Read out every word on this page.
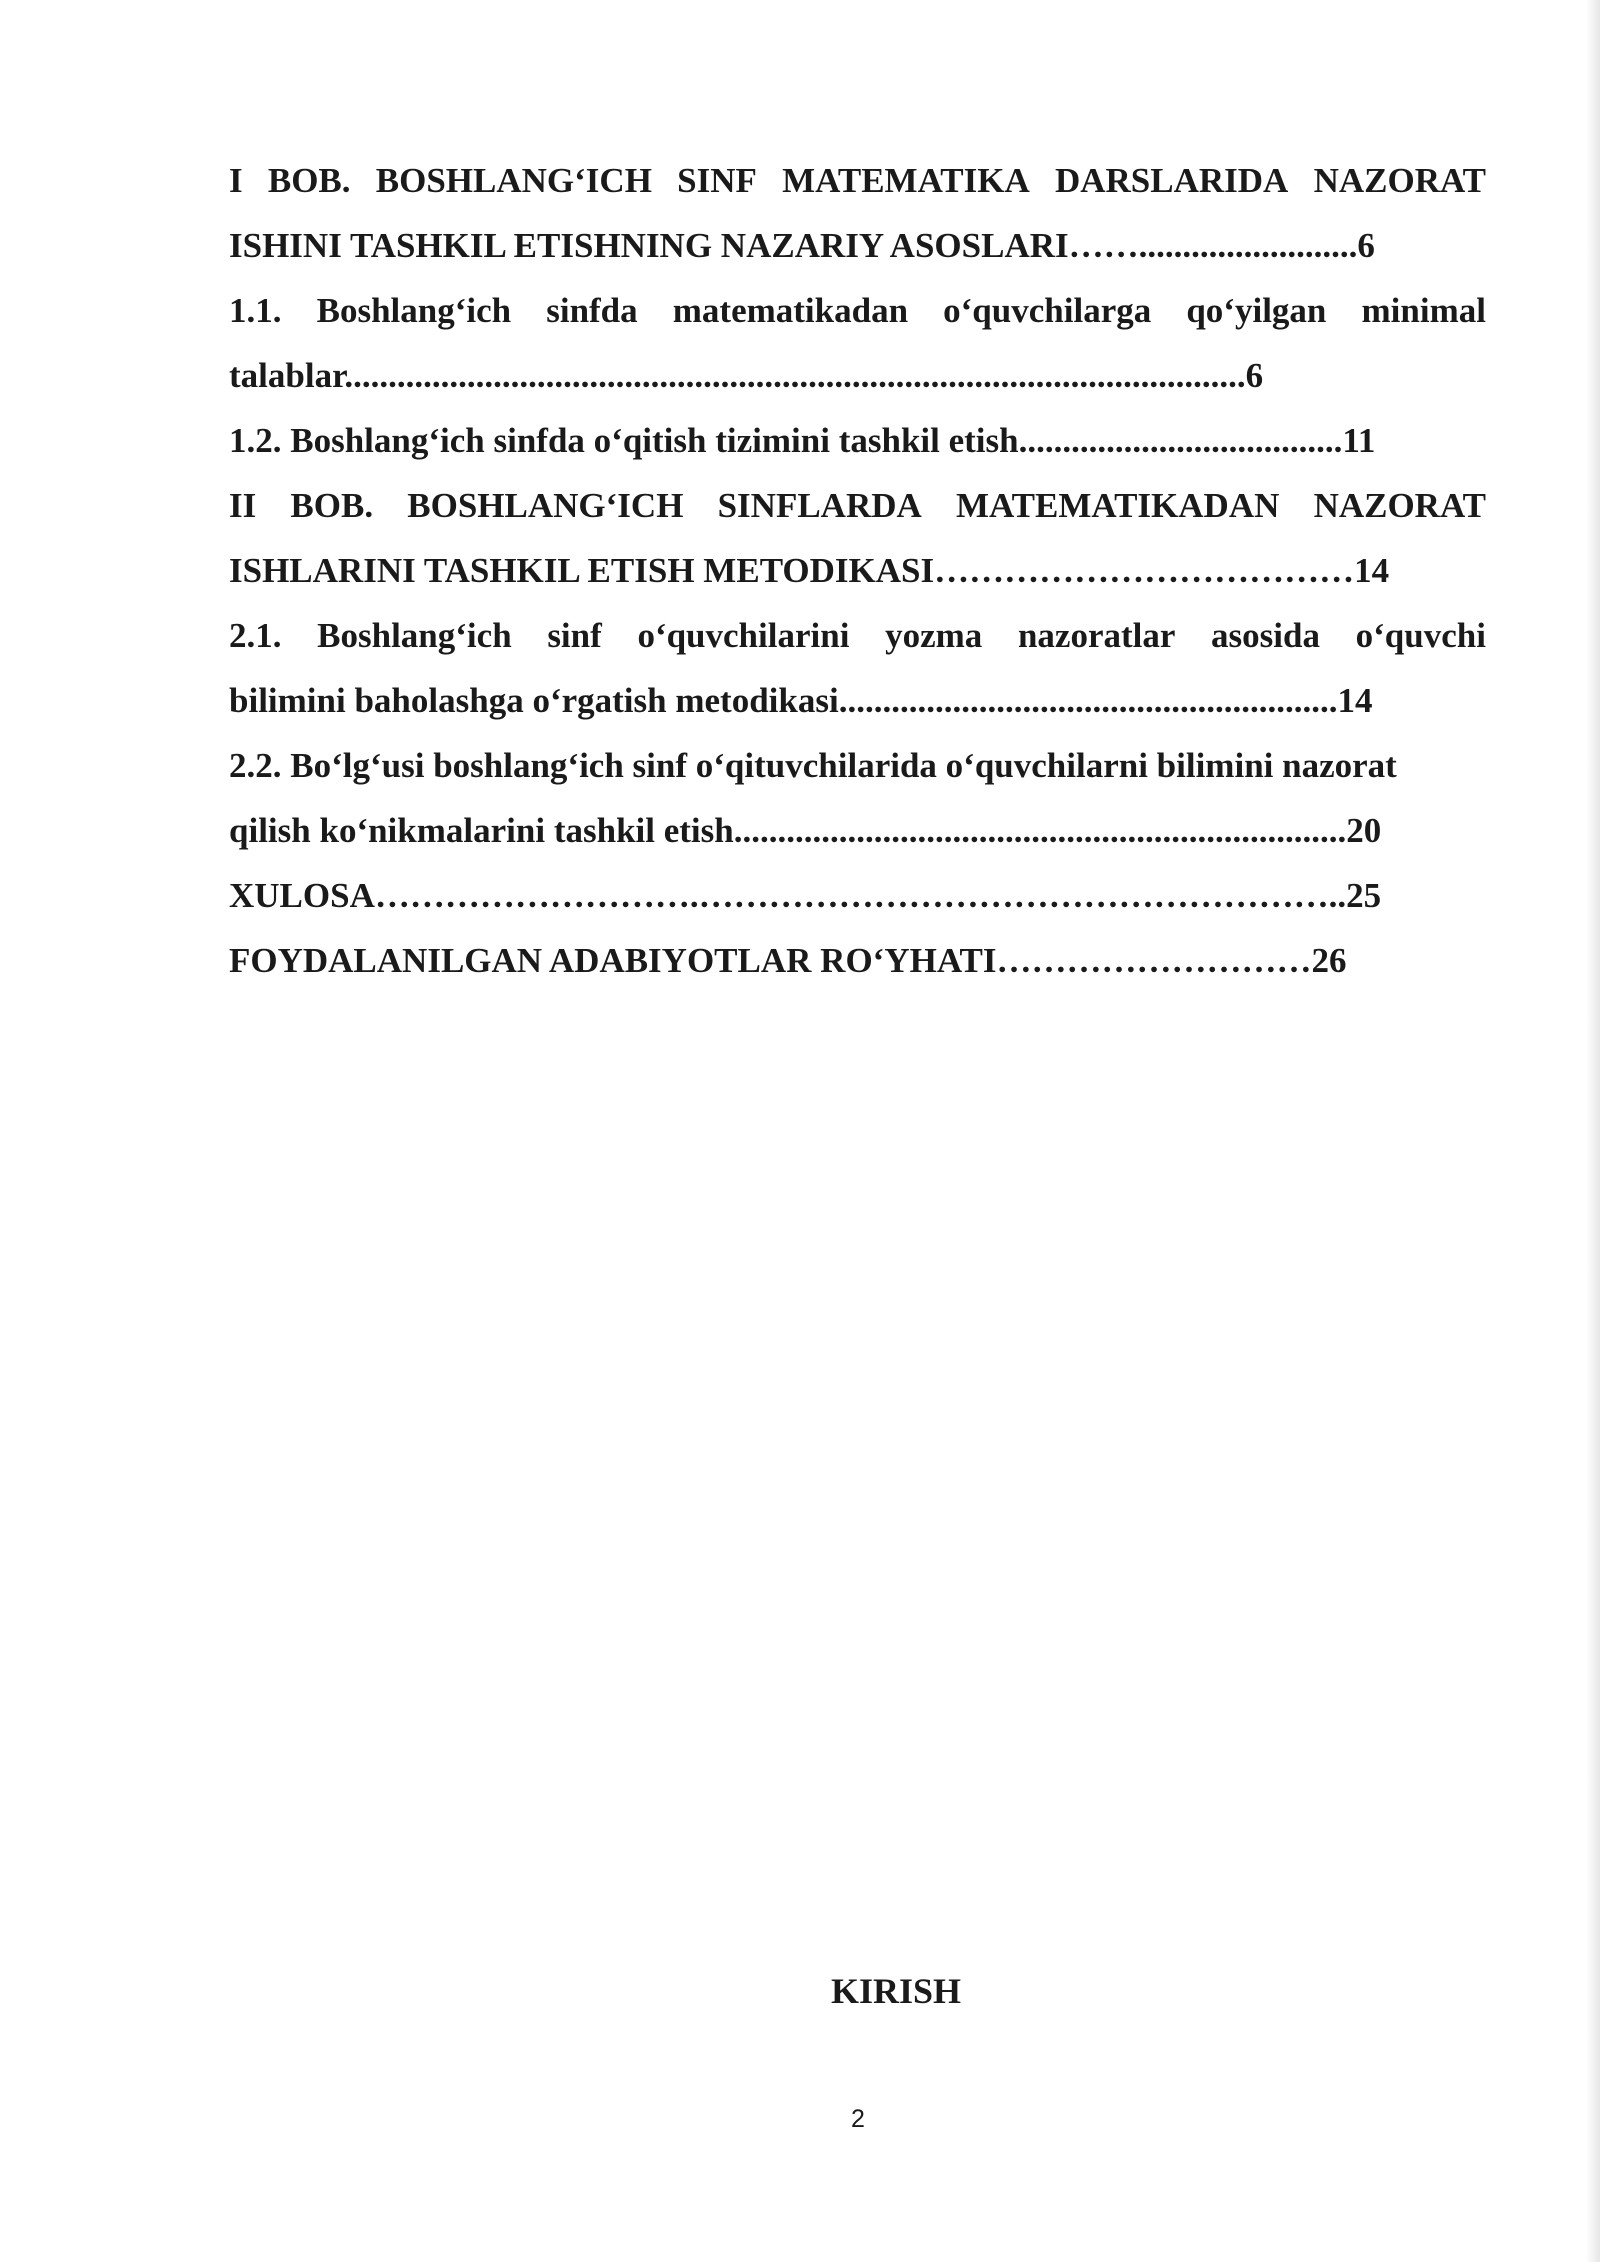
I BOB. BOSHLANG‘ICH SINF MATEMATIKA DARSLARIDA NAZORAT
ISHINI TASHKIL ETISHNING NAZARIY ASOSLARI…….........................6
1.1. Boshlang‘ich sinfda matematikadan o‘quvchilarga qo‘yilgan minimal
talablar.......................................................................................................6
1.2. Boshlang‘ich sinfda o‘qitish tizimini tashkil etish.....................................11
II BOB. BOSHLANG‘ICH SINFLARDA MATEMATIKADAN NAZORAT
ISHLARINI TASHKIL ETISH METODIKASI………………………………14
2.1. Boshlang‘ich sinf o‘quvchilarini yozma nazoratlar asosida o‘quvchi
bilimini baholashga o‘rgatish metodikasi.........................................................14
2.2. Bo‘lg‘usi boshlang‘ich sinf o‘qituvchilarida o‘quvchilarni bilimini nazorat
qilish ko‘nikmalarini tashkil etish......................................................................20
XULOSA……………………….………………………………………………..25
FOYDALANILGAN ADABIYOTLAR RO‘YHATI………………………26
KIRISH
2
